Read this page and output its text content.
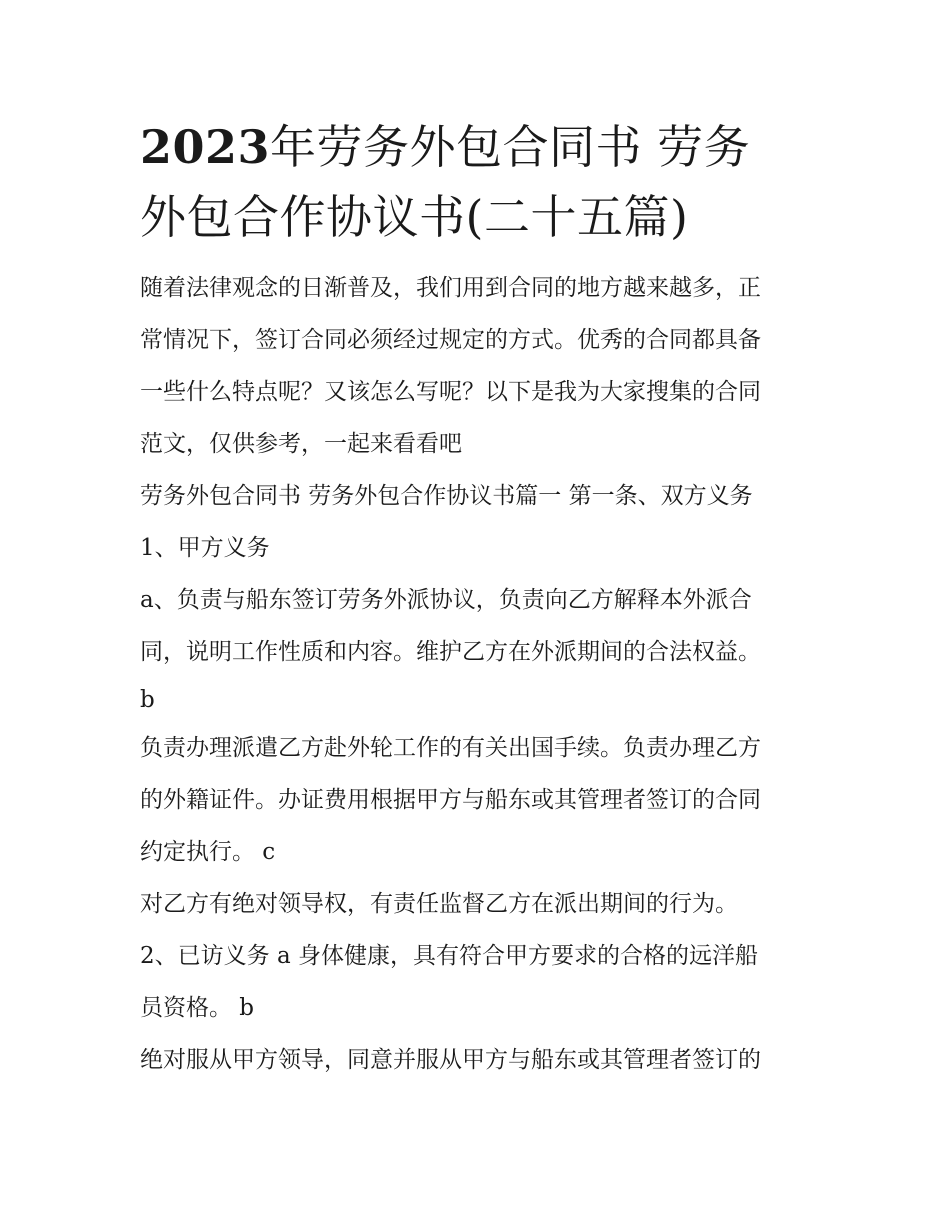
2023年劳务外包合同书 劳务
外包合作协议书(二十五篇)

随着法律观念的日渐普及，我们用到合同的地方越来越多，正

常情况下，签订合同必须经过规定的方式。优秀的合同都具备

一些什么特点呢？又该怎么写呢？以下是我为大家搜集的合同

范文，仅供参考，一起来看看吧

劳务外包合同书 劳务外包合作协议书篇一 第一条、双方义务

1、甲方义务

a、负责与船东签订劳务外派协议，负责向乙方解释本外派合

同，说明工作性质和内容。维护乙方在外派期间的合法权益。

b

负责办理派遣乙方赴外轮工作的有关出国手续。负责办理乙方

的外籍证件。办证费用根据甲方与船东或其管理者签订的合同

约定执行。 c

对乙方有绝对领导权，有责任监督乙方在派出期间的行为。

2、已访义务 a 身体健康，具有符合甲方要求的合格的远洋船

员资格。 b

绝对服从甲方领导，同意并服从甲方与船东或其管理者签订的
